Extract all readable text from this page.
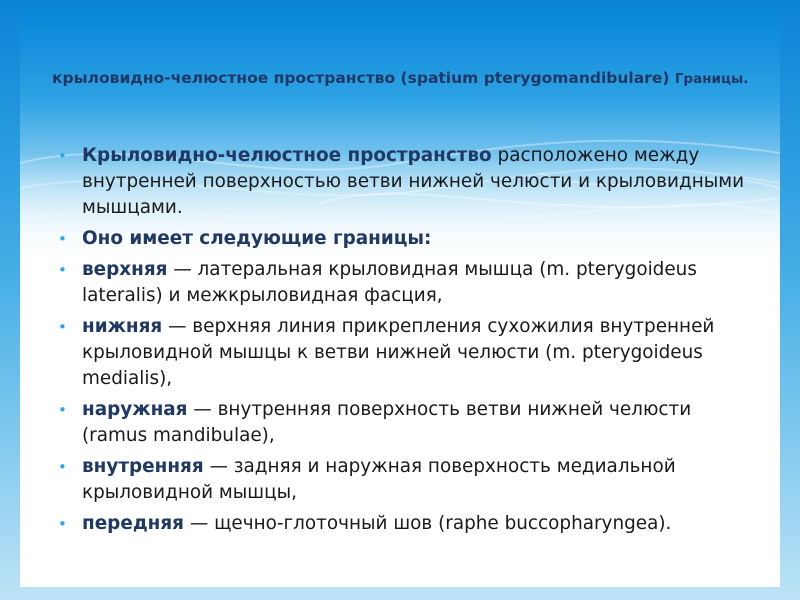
крыловидно-челюстное пространство (spatium pterygomandibulare) Границы.
• Крыловидно-челюстное пространство расположено между внутренней поверхностью ветви нижней челюсти и крыловидными мышцами.
• Оно имеет следующие границы:
• верхняя — латеральная крыловидная мышца (m. pterygoideus lateralis) и межкрыловидная фасция,
• нижняя — верхняя линия прикрепления сухожилия внутренней крыловидной мышцы к ветви нижней челюсти (m. pterygoideus medialis),
• наружная — внутренняя поверхность ветви нижней челюсти (ramus mandibulae),
• внутренняя — задняя и наружная поверхность медиальной крыловидной мышцы,
• передняя — щечно-глоточный шов (raphe buccopharyngea).
